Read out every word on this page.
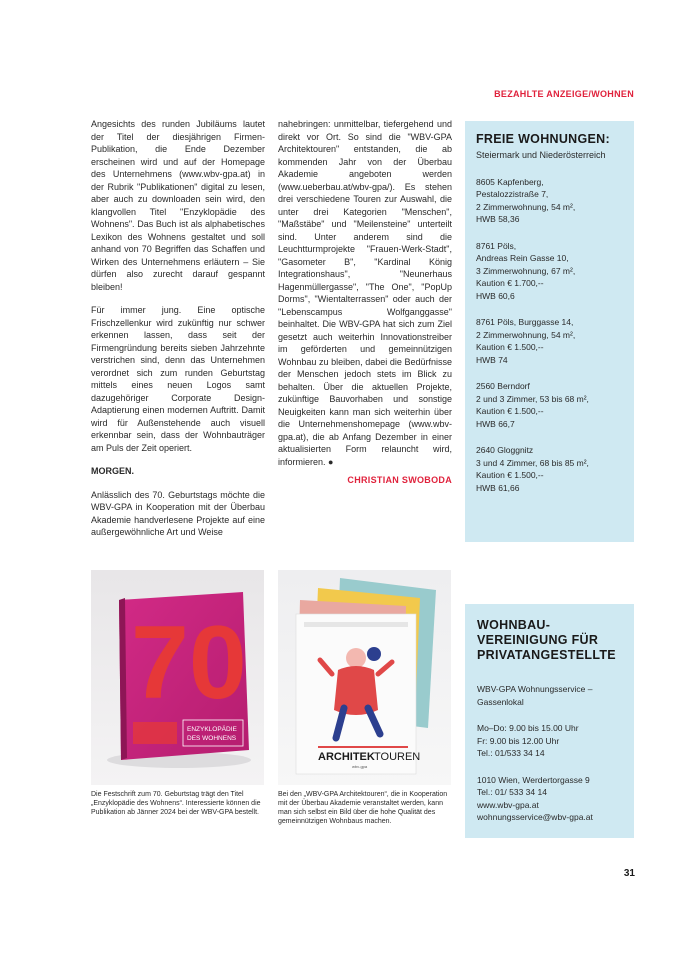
BEZAHLTE ANZEIGE/WOHNEN

Angesichts des runden Jubiläums lautet der Titel der diesjährigen Firmen-Publikation, die Ende Dezember erscheinen wird und auf der Homepage des Unternehmens (www.wbv-gpa.at) in der Rubrik "Publikationen" digital zu lesen, aber auch zu downloaden sein wird, den klangvollen Titel "Enzyklopädie des Wohnens". Das Buch ist als alphabetisches Lexikon des Wohnens gestaltet und soll anhand von 70 Begriffen das Schaffen und Wirken des Unternehmens erläutern – Sie dürfen also zurecht darauf gespannt bleiben!

Für immer jung. Eine optische Frischzellenkur wird zukünftig nur schwer erkennen lassen, dass seit der Firmengründung bereits sieben Jahrzehnte verstrichen sind, denn das Unternehmen verordnet sich zum runden Geburtstag mittels eines neuen Logos samt dazugehöriger Corporate Design-Adaptierung einen modernen Auftritt. Damit wird für Außenstehende auch visuell erkennbar sein, dass der Wohnbauträger am Puls der Zeit operiert.

MORGEN.

Anlässlich des 70. Geburtstags möchte die WBV-GPA in Kooperation mit der Überbau Akademie handverlesene Projekte auf eine außergewöhnliche Art und Weise

nahebringen: unmittelbar, tiefergehend und direkt vor Ort. So sind die "WBV-GPA Architektouren" entstanden, die ab kommenden Jahr von der Überbau Akademie angeboten werden (www.ueberbau.at/wbv-gpa/). Es stehen drei verschiedene Touren zur Auswahl, die unter drei Kategorien "Menschen", "Maßstäbe" und "Meilensteine" unterteilt sind. Unter anderem sind die Leuchtturmprojekte "Frauen-Werk-Stadt", "Gasometer B", "Kardinal König Integrationshaus", "Neunerhaus Hagenmüllergasse", "The One", "PopUp Dorms", "Wientalterrassen" oder auch der "Lebenscampus Wolfganggasse" beinhaltet. Die WBV-GPA hat sich zum Ziel gesetzt auch weiterhin Innovationstreiber im geförderten und gemeinnützigen Wohnbau zu bleiben, dabei die Bedürfnisse der Menschen jedoch stets im Blick zu behalten. Über die aktuellen Projekte, zukünftige Bauvorhaben und sonstige Neuigkeiten kann man sich weiterhin über die Unternehmenshomepage (www.wbv-gpa.at), die ab Anfang Dezember in einer aktualisierten Form relauncht wird, informieren. ●

CHRISTIAN SWOBODA
FREIE WOHNUNGEN:
Steiermark und Niederösterreich
8605 Kapfenberg,
Pestalozzistraße 7,
2 Zimmerwohnung, 54 m²,
HWB 58,36
8761 Pöls,
Andreas Rein Gasse 10,
3 Zimmerwohnung, 67 m²,
Kaution € 1.700,--
HWB 60,6
8761 Pöls, Burggasse 14,
2 Zimmerwohnung, 54 m²,
Kaution € 1.500,--
HWB 74
2560 Berndorf
2 und 3 Zimmer, 53 bis 68 m²,
Kaution € 1.500,--
HWB 66,7
2640 Gloggnitz
3 und 4 Zimmer, 68 bis 85 m²,
Kaution € 1.500,--
HWB 61,66
70
ENZYKLOPÄDIE
DES WOHNENS
Die Festschrift zum 70. Geburtstag trägt den Titel „Enzyklopädie des Wohnens“. Interessierte können die Publikation ab Jänner 2024 bei der WBV-GPA bestellt.
ARCHITEK TOUREN
wbv-gpa
Bei den „WBV-GPA Architektouren“, die in Kooperation mit der Überbau Akademie veranstaltet werden, kann man sich selbst ein Bild über die hohe Qualität des gemeinnützigen Wohnbaus machen.
WOHNBAU-VEREINIGUNG FÜR PRIVATANGESTELLTE
WBV-GPA Wohnungsservice –
Gassenlokal
Mo–Do: 9.00 bis 15.00 Uhr
Fr: 9.00 bis 12.00 Uhr
Tel.: 01/533 34 14
1010 Wien, Werdertorgasse 9
Tel.: 01/ 533 34 14
www.wbv-gpa.at
wohnungsservice@wbv-gpa.at
31
